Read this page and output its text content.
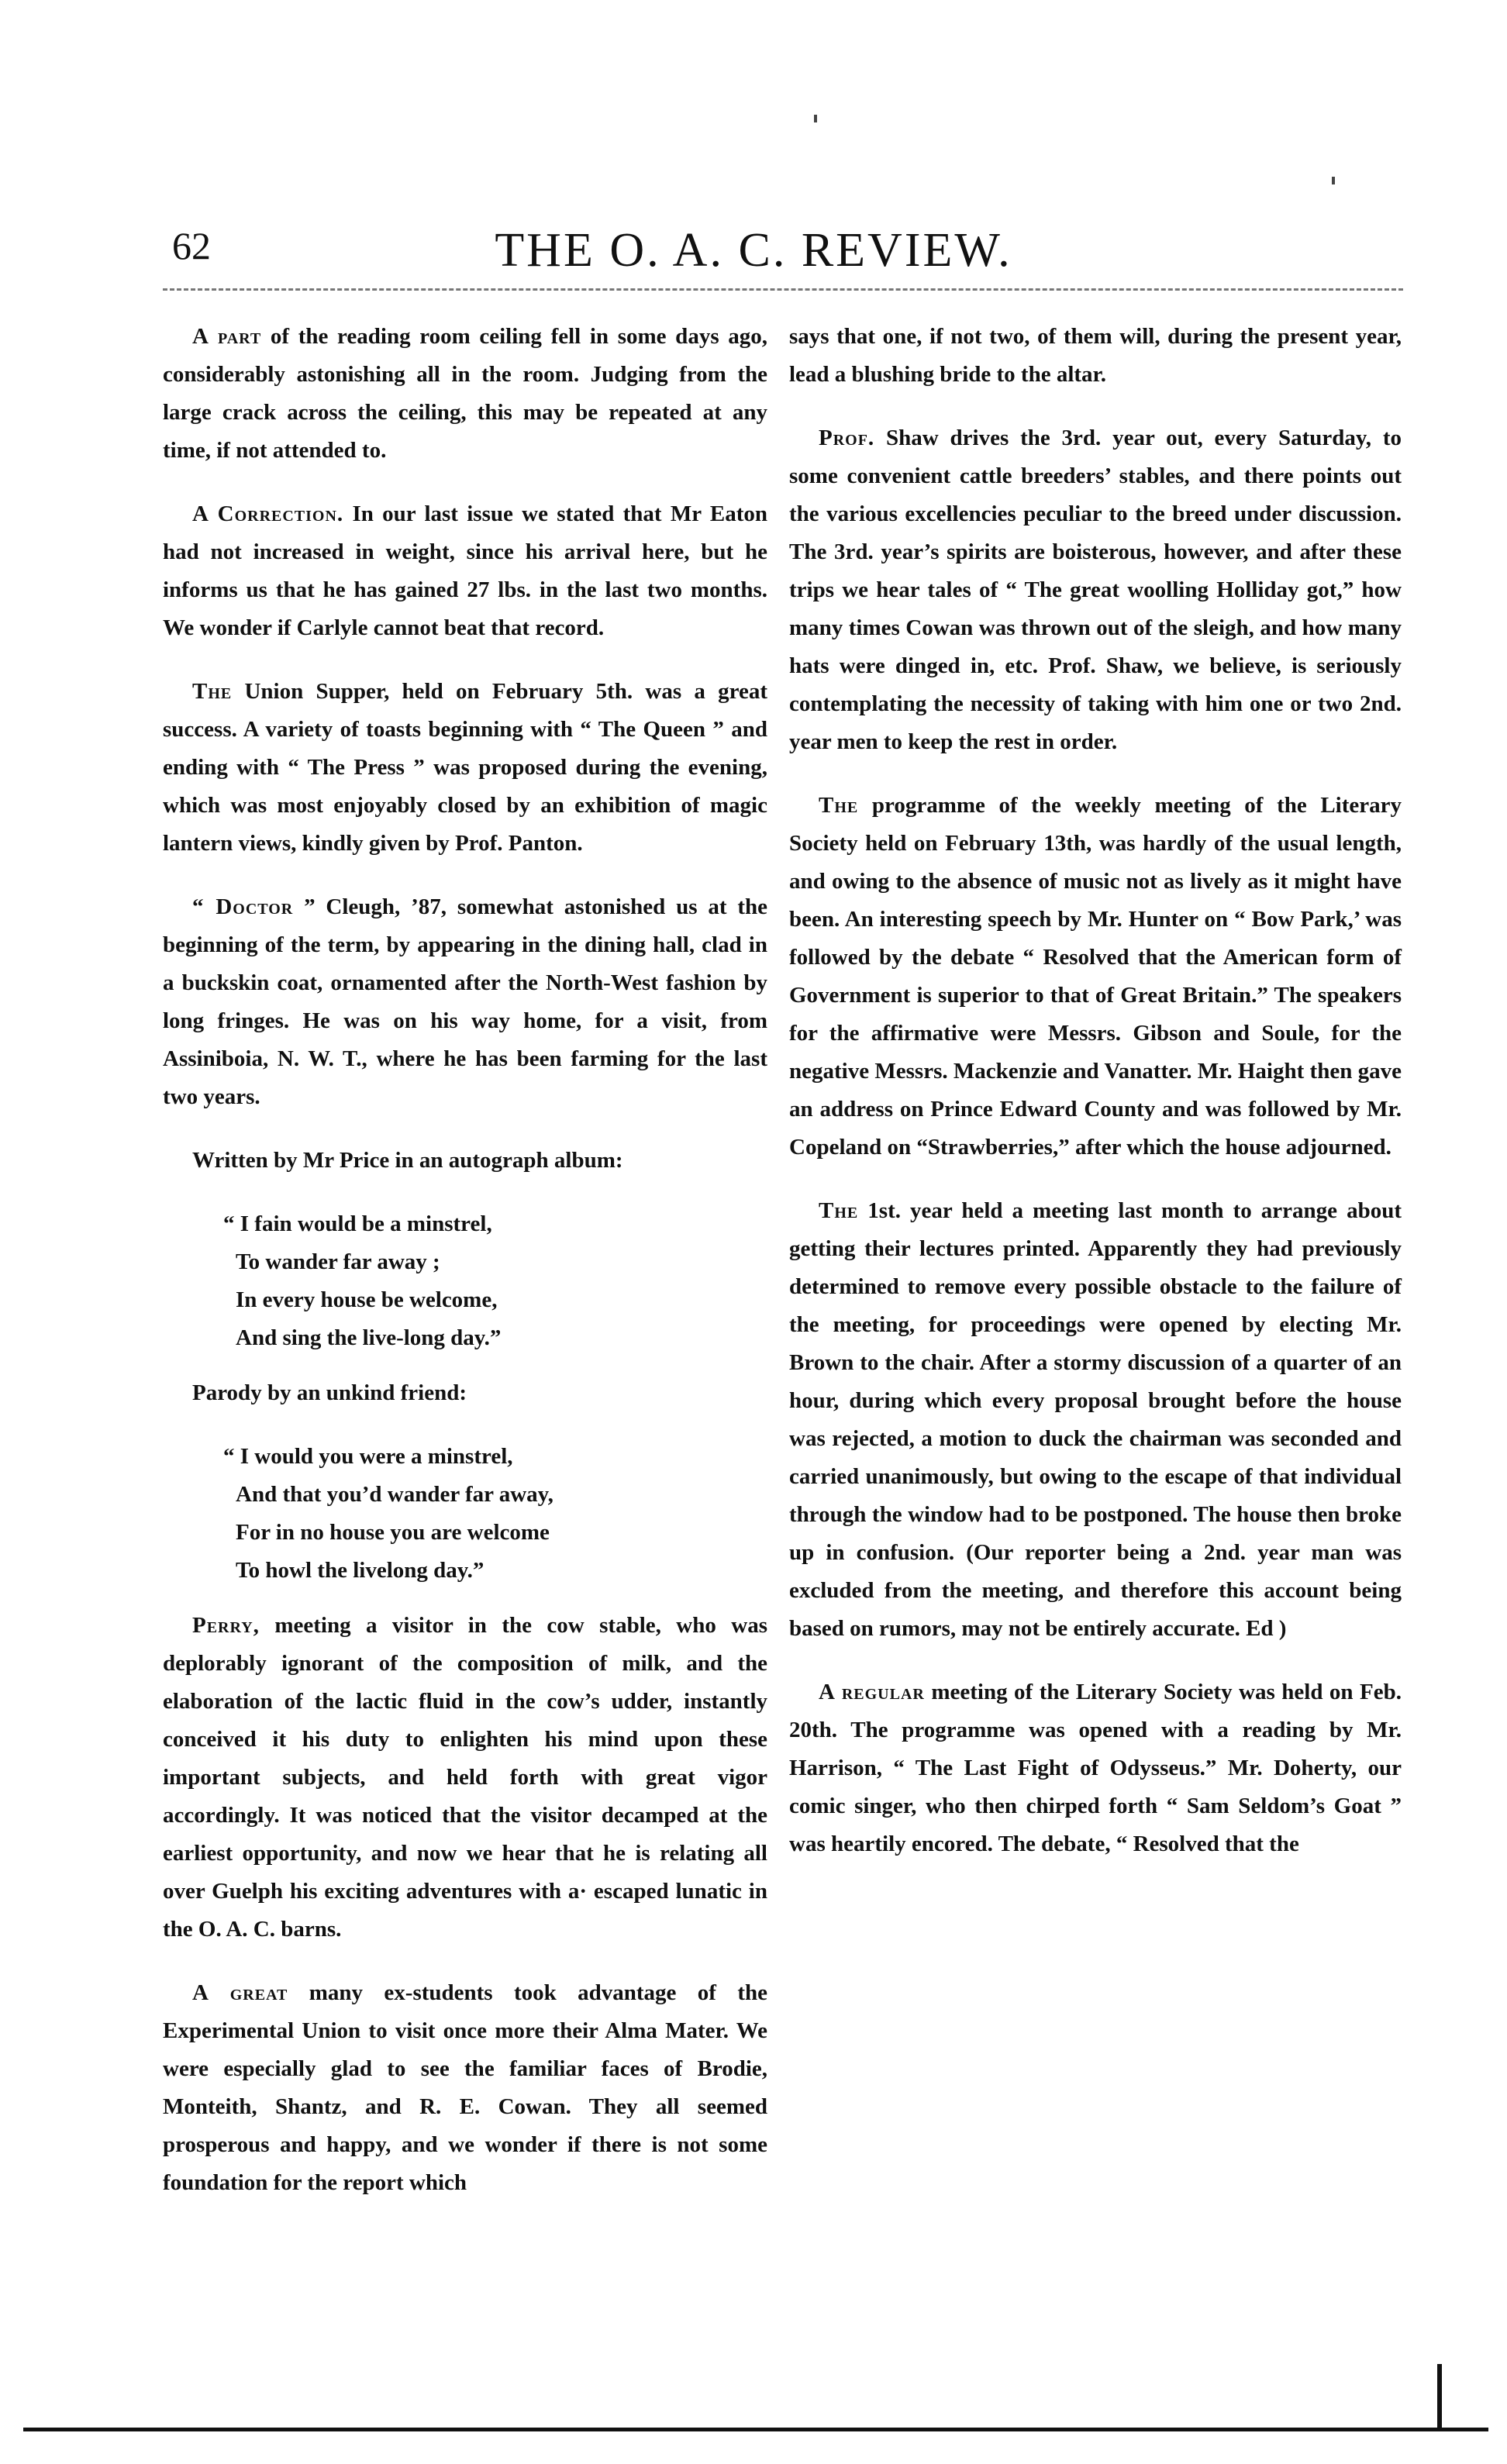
62	THE O. A. C. REVIEW.

A part of the reading room ceiling fell in some days ago, considerably astonishing all in the room. Judging from the large crack across the ceiling, this may be repeated at any time, if not attended to.

A Correction. In our last issue we stated that Mr Eaton had not increased in weight, since his arrival here, but he informs us that he has gained 27 lbs. in the last two months. We wonder if Carlyle cannot beat that record.

The Union Supper, held on February 5th. was a great success. A variety of toasts beginning with “ The Queen ” and ending with “ The Press ” was proposed during the evening, which was most enjoyably closed by an exhibition of magic lantern views, kindly given by Prof. Panton.

“ Doctor ” Cleugh, ’87, somewhat astonished us at the beginning of the term, by appearing in the dining hall, clad in a buckskin coat, ornamented after the North-West fashion by long fringes. He was on his way home, for a visit, from Assiniboia, N. W. T., where he has been farming for the last two years.

Written by Mr Price in an autograph album:

“ I fain would be a minstrel,
To wander far away ;
In every house be welcome,
And sing the live-long day.”

Parody by an unkind friend:

“ I would you were a minstrel,
And that you’d wander far away,
For in no house you are welcome
To howl the livelong day.”

Perry, meeting a visitor in the cow stable, who was deplorably ignorant of the composition of milk, and the elaboration of the lactic fluid in the cow’s udder, instantly conceived it his duty to enlighten his mind upon these important subjects, and held forth with great vigor accordingly. It was noticed that the visitor decamped at the earliest opportunity, and now we hear that he is relating all over Guelph his exciting adventures with a· escaped lunatic in the O. A. C. barns.

A great many ex-students took advantage of the Experimental Union to visit once more their Alma Mater. We were especially glad to see the familiar faces of Brodie, Monteith, Shantz, and R. E. Cowan. They all seemed prosperous and happy, and we wonder if there is not some foundation for the report which

says that one, if not two, of them will, during the present year, lead a blushing bride to the altar.

Prof. Shaw drives the 3rd. year out, every Saturday, to some convenient cattle breeders’ stables, and there points out the various excellencies peculiar to the breed under discussion. The 3rd. year’s spirits are boisterous, however, and after these trips we hear tales of “ The great woolling Holliday got,” how many times Cowan was thrown out of the sleigh, and how many hats were dinged in, etc. Prof. Shaw, we believe, is seriously contemplating the necessity of taking with him one or two 2nd. year men to keep the rest in order.

The programme of the weekly meeting of the Literary Society held on February 13th, was hardly of the usual length, and owing to the absence of music not as lively as it might have been. An interesting speech by Mr. Hunter on “ Bow Park,’ was followed by the debate “ Resolved that the American form of Government is superior to that of Great Britain.” The speakers for the affirmative were Messrs. Gibson and Soule, for the negative Messrs. Mackenzie and Vanatter. Mr. Haight then gave an address on Prince Edward County and was followed by Mr. Copeland on “Strawberries,” after which the house adjourned.

The 1st. year held a meeting last month to arrange about getting their lectures printed. Apparently they had previously determined to remove every possible obstacle to the failure of the meeting, for proceedings were opened by electing Mr. Brown to the chair. After a stormy discussion of a quarter of an hour, during which every proposal brought before the house was rejected, a motion to duck the chairman was seconded and carried unanimously, but owing to the escape of that individual through the window had to be postponed. The house then broke up in confusion. (Our reporter being a 2nd. year man was excluded from the meeting, and therefore this account being based on rumors, may not be entirely accurate. Ed )

A regular meeting of the Literary Society was held on Feb. 20th. The programme was opened with a reading by Mr. Harrison, “ The Last Fight of Odysseus.” Mr. Doherty, our comic singer, who then chirped forth “ Sam Seldom’s Goat ” was heartily encored. The debate, “ Resolved that the
